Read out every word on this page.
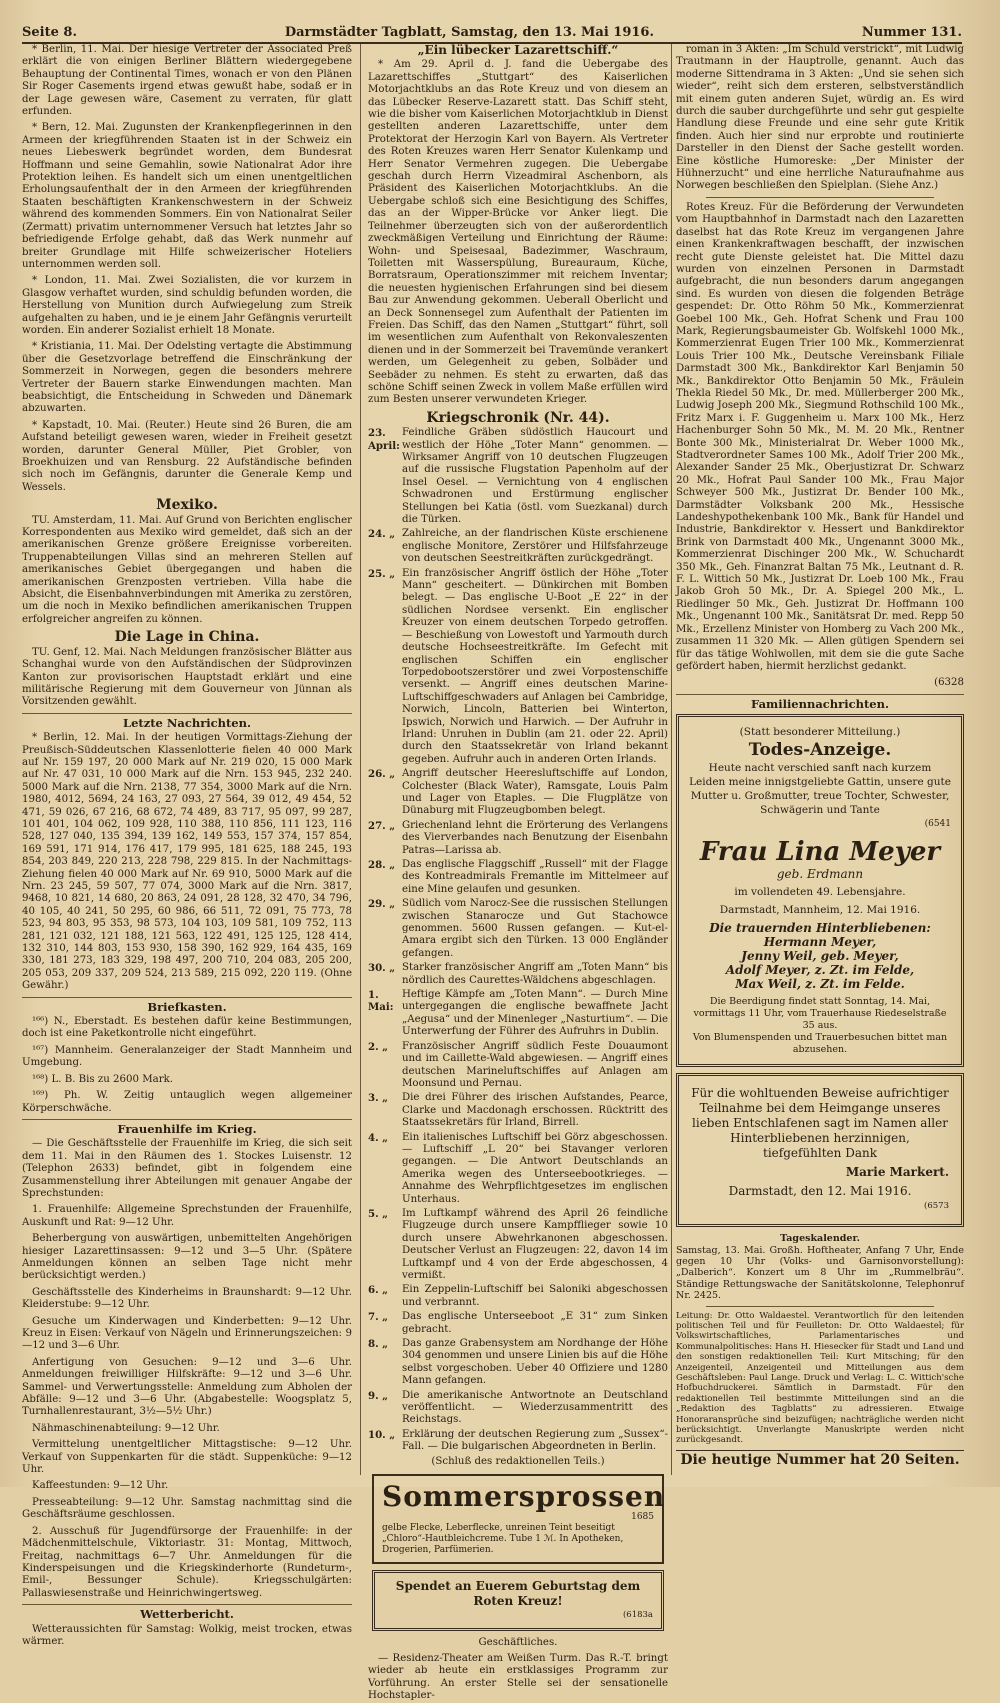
Seite 8.	Darmstädter Tagblatt, Samstag, den 13. Mai 1916.	Nummer 131.

* Berlin, 11. Mai. Der hiesige Vertreter der Associated Preß erklärt die von einigen Berliner Blättern wiedergegebene Behauptung der Continental Times, wonach er von den Plänen Sir Roger Casements irgend etwas gewußt habe, sodaß er in der Lage gewesen wäre, Casement zu verraten, für glatt erfunden.

* Bern, 12. Mai. Zugunsten der Krankenpflegerinnen in den Armeen der kriegführenden Staaten ist in der Schweiz ein neues Liebeswerk begründet worden, dem Bundesrat Hoffmann und seine Gemahlin, sowie Nationalrat Ador ihre Protektion leihen. Es handelt sich um einen unentgeltlichen Erholungsaufenthalt der in den Armeen der kriegführenden Staaten beschäftigten Krankenschwestern in der Schweiz während des kommenden Sommers. Ein von Nationalrat Seiler (Zermatt) privatim unternommener Versuch hat letztes Jahr so befriedigende Erfolge gehabt, daß das Werk nunmehr auf breiter Grundlage mit Hilfe schweizerischer Hoteliers unternommen werden soll.

* London, 11. Mai. Zwei Sozialisten, die vor kurzem in Glasgow verhaftet wurden, sind schuldig befunden worden, die Herstellung von Munition durch Aufwiegelung zum Streik aufgehalten zu haben, und ie je einem Jahr Gefängnis verurteilt worden. Ein anderer Sozialist erhielt 18 Monate.

* Kristiania, 11. Mai. Der Odelsting vertagte die Abstimmung über die Gesetzvorlage betreffend die Einschränkung der Sommerzeit in Norwegen, gegen die besonders mehrere Vertreter der Bauern starke Einwendungen machten. Man beabsichtigt, die Entscheidung in Schweden und Dänemark abzuwarten.

* Kapstadt, 10. Mai. (Reuter.) Heute sind 26 Buren, die am Aufstand beteiligt gewesen waren, wieder in Freiheit gesetzt worden, darunter General Müller, Piet Grobler, von Broekhuizen und van Rensburg. 22 Aufständische befinden sich noch im Gefängnis, darunter die Generale Kemp und Wessels.

Mexiko.

TU. Amsterdam, 11. Mai. Auf Grund von Berichten englischer Korrespondenten aus Mexiko wird gemeldet, daß sich an der amerikanischen Grenze größere Ereignisse vorbereiten. Truppenabteilungen Villas sind an mehreren Stellen auf amerikanisches Gebiet übergegangen und haben die amerikanischen Grenzposten vertrieben. Villa habe die Absicht, die Eisenbahnverbindungen mit Amerika zu zerstören, um die noch in Mexiko befindlichen amerikanischen Truppen erfolgreicher angreifen zu können.

Die Lage in China.

TU. Genf, 12. Mai. Nach Meldungen französischer Blätter aus Schanghai wurde von den Aufständischen der Südprovinzen Kanton zur provisorischen Hauptstadt erklärt und eine militärische Regierung mit dem Gouverneur von Jünnan als Vorsitzenden gewählt.

Letzte Nachrichten.

* Berlin, 12. Mai. In der heutigen Vormittags-Ziehung der Preußisch-Süddeutschen Klassenlotterie fielen 40 000 Mark auf Nr. 159 197, 20 000 Mark auf Nr. 219 020, 15 000 Mark auf Nr. 47 031, 10 000 Mark auf die Nrn. 153 945, 232 240. 5000 Mark auf die Nrn. 2138, 77 354, 3000 Mark auf die Nrn. 1980, 4012, 5694, 24 163, 27 093, 27 564, 39 012, 49 454, 52 471, 59 026, 67 216, 68 672, 74 489, 83 717, 95 097, 99 287, 101 401, 104 062, 109 928, 110 388, 110 856, 111 123, 116 528, 127 040, 135 394, 139 162, 149 553, 157 374, 157 854, 169 591, 171 914, 176 417, 179 995, 181 625, 188 245, 193 854, 203 849, 220 213, 228 798, 229 815. In der Nachmittags-Ziehung fielen 40 000 Mark auf Nr. 69 910, 5000 Mark auf die Nrn. 23 245, 59 507, 77 074, 3000 Mark auf die Nrn. 3817, 9468, 10 821, 14 680, 20 863, 24 091, 28 128, 32 470, 34 796, 40 105, 40 241, 50 295, 60 986, 66 511, 72 091, 75 773, 78 523, 94 803, 95 353, 98 573, 104 103, 109 581, 109 752, 113 281, 121 032, 121 188, 121 563, 122 491, 125 125, 128 414, 132 310, 144 803, 153 930, 158 390, 162 929, 164 435, 169 330, 181 273, 183 329, 198 497, 200 710, 204 083, 205 200, 205 053, 209 337, 209 524, 213 589, 215 092, 220 119. (Ohne Gewähr.)

Briefkasten.

¹⁶⁶) N., Eberstadt. Es bestehen dafür keine Bestimmungen, doch ist eine Paketkontrolle nicht eingeführt.

¹⁶⁷) Mannheim. Generalanzeiger der Stadt Mannheim und Umgebung.

¹⁶⁸) L. B. Bis zu 2600 Mark.

¹⁶⁹) Ph. W. Zeitig untauglich wegen allgemeiner Körperschwäche.

Frauenhilfe im Krieg.

— Die Geschäftsstelle der Frauenhilfe im Krieg, die sich seit dem 11. Mai in den Räumen des 1. Stockes Luisenstr. 12 (Telephon 2633) befindet, gibt in folgendem eine Zusammenstellung ihrer Abteilungen mit genauer Angabe der Sprechstunden:

1. Frauenhilfe: Allgemeine Sprechstunden der Frauenhilfe, Auskunft und Rat: 9—12 Uhr.

Beherbergung von auswärtigen, unbemittelten Angehörigen hiesiger Lazarettinsassen: 9—12 und 3—5 Uhr. (Spätere Anmeldungen können an selben Tage nicht mehr berücksichtigt werden.)

Geschäftsstelle des Kinderheims in Braunshardt: 9—12 Uhr. Kleiderstube: 9—12 Uhr.

Gesuche um Kinderwagen und Kinderbetten: 9—12 Uhr. Kreuz in Eisen: Verkauf von Nägeln und Erinnerungszeichen: 9—12 und 3—6 Uhr.

Anfertigung von Gesuchen: 9—12 und 3—6 Uhr. Anmeldungen freiwilliger Hilfskräfte: 9—12 und 3—6 Uhr. Sammel- und Verwertungsstelle: Anmeldung zum Abholen der Abfälle: 9—12 und 3—6 Uhr. (Abgabestelle: Woogsplatz 5, Turnhallenrestaurant, 3½—5½ Uhr.)

Nähmaschinenabteilung: 9—12 Uhr.

Vermittelung unentgeltlicher Mittagstische: 9—12 Uhr. Verkauf von Suppenkarten für die städt. Suppenküche: 9—12 Uhr.

Kaffeestunden: 9—12 Uhr.

Presseabteilung: 9—12 Uhr. Samstag nachmittag sind die Geschäftsräume geschlossen.

2. Ausschuß für Jugendfürsorge der Frauenhilfe: in der Mädchenmittelschule, Viktoriastr. 31: Montag, Mittwoch, Freitag, nachmittags 6—7 Uhr. Anmeldungen für die Kinderspeisungen und die Kriegskinderhorte (Rundeturm-, Emil-, Bessunger Schule). Kriegsschulgärten: Pallaswiesenstraße und Heinrichwingertsweg.

Wetterbericht.

Wetteraussichten für Samstag: Wolkig, meist trocken, etwas wärmer.

„Ein lübecker Lazarettschiff.“

* Am 29. April d. J. fand die Uebergabe des Lazarettschiffes „Stuttgart“ des Kaiserlichen Motorjachtklubs an das Rote Kreuz und von diesem an das Lübecker Reserve-Lazarett statt. Das Schiff steht, wie die bisher vom Kaiserlichen Motorjachtklub in Dienst gestellten anderen Lazarettschiffe, unter dem Protektorat der Herzogin Karl von Bayern. Als Vertreter des Roten Kreuzes waren Herr Senator Kulenkamp und Herr Senator Vermehren zugegen. Die Uebergabe geschah durch Herrn Vizeadmiral Aschenborn, als Präsident des Kaiserlichen Motorjachtklubs. An die Uebergabe schloß sich eine Besichtigung des Schiffes, das an der Wipper-Brücke vor Anker liegt. Die Teilnehmer überzeugten sich von der außerordentlich zweckmäßigen Verteilung und Einrichtung der Räume: Wohn- und Speisesaal, Badezimmer, Waschraum, Toiletten mit Wasserspülung, Bureauraum, Küche, Borratsraum, Operationszimmer mit reichem Inventar; die neuesten hygienischen Erfahrungen sind bei diesem Bau zur Anwendung gekommen. Ueberall Oberlicht und an Deck Sonnensegel zum Aufenthalt der Patienten im Freien. Das Schiff, das den Namen „Stuttgart“ führt, soll im wesentlichen zum Aufenthalt von Rekonvaleszenten dienen und in der Sommerzeit bei Travemünde verankert werden, um Gelegenheit zu geben, Solbäder und Seebäder zu nehmen. Es steht zu erwarten, daß das schöne Schiff seinen Zweck in vollem Maße erfüllen wird zum Besten unserer verwundeten Krieger.

Kriegschronik (Nr. 44).
23. April:
Feindliche Gräben südöstlich Haucourt und westlich der Höhe „Toter Mann“ genommen. — Wirksamer Angriff von 10 deutschen Flugzeugen auf die russische Flugstation Papenholm auf der Insel Oesel. — Vernichtung von 4 englischen Schwadronen und Erstürmung englischer Stellungen bei Katia (östl. vom Suezkanal) durch die Türken.
24. „ Zahlreiche, an der flandrischen Küste erschienene englische Monitore, Zerstörer und Hilfsfahrzeuge von deutschen Seestreitkräften zurückgedrängt.
25. „ Ein französischer Angriff östlich der Höhe „Toter Mann“ gescheitert. — Dünkirchen mit Bomben belegt. — Das englische U-Boot „E 22“ in der südlichen Nordsee versenkt. Ein englischer Kreuzer von einem deutschen Torpedo getroffen. — Beschießung von Lowestoft und Yarmouth durch deutsche Hochseestreitkräfte. Im Gefecht mit englischen Schiffen ein englischer Torpedobootszerstörer und zwei Vorpostenschiffe versenkt. — Angriff eines deutschen Marine-Luftschiffgeschwaders auf Anlagen bei Cambridge, Norwich, Lincoln, Batterien bei Winterton, Ipswich, Norwich und Harwich. — Der Aufruhr in Irland: Unruhen in Dublin (am 21. oder 22. April) durch den Staatssekretär von Irland bekannt gegeben. Aufruhr auch in anderen Orten Irlands.
26. „ Angriff deutscher Heeresluftschiffe auf London, Colchester (Black Water), Ramsgate, Louis Palm und Lager von Etaples. — Die Flugplätze von Dünaburg mit Flugzeugbomben belegt.
27. „ Griechenland lehnt die Erörterung des Verlangens des Vierverbandes nach Benutzung der Eisenbahn Patras—Larissa ab.
28. „ Das englische Flaggschiff „Russell“ mit der Flagge des Kontreadmirals Fremantle im Mittelmeer auf eine Mine gelaufen und gesunken.
29. „ Südlich vom Narocz-See die russischen Stellungen zwischen Stanarocze und Gut Stachowce genommen. 5600 Russen gefangen. — Kut-el-Amara ergibt sich den Türken. 13 000 Engländer gefangen.
30. „ Starker französischer Angriff am „Toten Mann“ bis nördlich des Caurettes-Wäldchens abgeschlagen.
1. Mai:
Heftige Kämpfe am „Toten Mann“. — Durch Mine untergegangen die englische bewaffnete Jacht „Aegusa“ und der Minenleger „Nasturtium“. — Die Unterwerfung der Führer des Aufruhrs in Dublin.
2. „	Französischer Angriff südlich Feste Douaumont und im Caillette-Wald abgewiesen. — Angriff eines deutschen Marineluftschiffes auf Anlagen am Moonsund und Pernau.
3. „	Die drei Führer des irischen Aufstandes, Pearce, Clarke und Macdonagh erschossen. Rücktritt des Staatssekretärs für Irland, Birrell.
4. „	Ein italienisches Luftschiff bei Görz abgeschossen. — Luftschiff „L 20“ bei Stavanger verloren gegangen. — Die Antwort Deutschlands an Amerika wegen des Unterseebootkrieges. — Annahme des Wehrpflichtgesetzes im englischen Unterhaus.
5. „	Im Luftkampf während des April 26 feindliche Flugzeuge durch unsere Kampfflieger sowie 10 durch unsere Abwehrkanonen abgeschossen. Deutscher Verlust an Flugzeugen: 22, davon 14 im Luftkampf und 4 von der Erde abgeschossen, 4 vermißt.
6. „	Ein Zeppelin-Luftschiff bei Saloniki abgeschossen und verbrannt.
7. „	Das englische Unterseeboot „E 31“ zum Sinken gebracht.
8. „	Das ganze Grabensystem am Nordhange der Höhe 304 genommen und unsere Linien bis auf die Höhe selbst vorgeschoben. Ueber 40 Offiziere und 1280 Mann gefangen.
9. „	Die amerikanische Antwortnote an Deutschland veröffentlicht. — Wiederzusammentritt des Reichstags.
10. „ Erklärung der deutschen Regierung zum „Sussex“-Fall. — Die bulgarischen Abgeordneten in Berlin.

(Schluß des redaktionellen Teils.)

Sommersprossen
1685
gelbe Flecke, Leberflecke, unreinen Teint beseitigt „Chloro“-Hautbleichcreme. Tube 1 ℳ. In Apotheken, Drogerien, Parfümerien.
Spendet an Euerem Geburtstag dem Roten Kreuz!
(6183a

Geschäftliches.

— Residenz-Theater am Weißen Turm. Das R.-T. bringt wieder ab heute ein erstklassiges Programm zur Vorführung. An erster Stelle sei der sensationelle Hochstapler-

roman in 3 Akten: „Im Schuld verstrickt“, mit Ludwig Trautmann in der Hauptrolle, genannt. Auch das moderne Sittendrama in 3 Akten: „Und sie sehen sich wieder“, reiht sich dem ersteren, selbstverständlich mit einem guten anderen Sujet, würdig an. Es wird durch die sauber durchgeführte und sehr gut gespielte Handlung diese Freunde und eine sehr gute Kritik finden. Auch hier sind nur erprobte und routinierte Darsteller in den Dienst der Sache gestellt worden. Eine köstliche Humoreske: „Der Minister der Hühnerzucht“ und eine herrliche Naturaufnahme aus Norwegen beschließen den Spielplan. (Siehe Anz.)

Rotes Kreuz. Für die Beförderung der Verwundeten vom Hauptbahnhof in Darmstadt nach den Lazaretten daselbst hat das Rote Kreuz im vergangenen Jahre einen Krankenkraftwagen beschafft, der inzwischen recht gute Dienste geleistet hat. Die Mittel dazu wurden von einzelnen Personen in Darmstadt aufgebracht, die nun besonders darum angegangen sind. Es wurden von diesen die folgenden Beträge gespendet: Dr. Otto Röhm 50 Mk., Kommerzienrat Goebel 100 Mk., Geh. Hofrat Schenk und Frau 100 Mark, Regierungsbaumeister Gb. Wolfskehl 1000 Mk., Kommerzienrat Eugen Trier 100 Mk., Kommerzienrat Louis Trier 100 Mk., Deutsche Vereinsbank Filiale Darmstadt 300 Mk., Bankdirektor Karl Benjamin 50 Mk., Bankdirektor Otto Benjamin 50 Mk., Fräulein Thekla Riedel 50 Mk., Dr. med. Müllerberger 200 Mk., Ludwig Joseph 200 Mk., Siegmund Rothschild 100 Mk., Fritz Marx i. F. Guggenheim u. Marx 100 Mk., Herz Hachenburger Sohn 50 Mk., M. M. 20 Mk., Rentner Bonte 300 Mk., Ministerialrat Dr. Weber 1000 Mk., Stadtverordneter Sames 100 Mk., Adolf Trier 200 Mk., Alexander Sander 25 Mk., Oberjustizrat Dr. Schwarz 20 Mk., Hofrat Paul Sander 100 Mk., Frau Major Schweyer 500 Mk., Justizrat Dr. Bender 100 Mk., Darmstädter Volksbank 200 Mk., Hessische Landeshypothekenbank 100 Mk., Bank für Handel und Industrie, Bankdirektor v. Hessert und Bankdirektor Brink von Darmstadt 400 Mk., Ungenannt 3000 Mk., Kommerzienrat Dischinger 200 Mk., W. Schuchardt 350 Mk., Geh. Finanzrat Baltan 75 Mk., Leutnant d. R. F. L. Wittich 50 Mk., Justizrat Dr. Loeb 100 Mk., Frau Jakob Groh 50 Mk., Dr. A. Spiegel 200 Mk., L. Riedlinger 50 Mk., Geh. Justizrat Dr. Hoffmann 100 Mk., Ungenannt 100 Mk., Sanitätsrat Dr. med. Repp 50 Mk., Erzellenz Minister von Homberg zu Vach 200 Mk., zusammen 11 320 Mk. — Allen gütigen Spendern sei für das tätige Wohlwollen, mit dem sie die gute Sache gefördert haben, hiermit herzlichst gedankt.

(6328

Familiennachrichten.
(Statt besonderer Mitteilung.)
Todes-Anzeige.
Heute nacht verschied sanft nach kurzem Leiden meine innigstgeliebte Gattin, unsere gute Mutter u. Großmutter, treue Tochter, Schwester, Schwägerin und Tante
(6541
Frau Lina Meyer
geb. Erdmann
im vollendeten 49. Lebensjahre.
Darmstadt, Mannheim, 12. Mai 1916.
Die trauernden Hinterbliebenen:
Hermann Meyer,
Jenny Weil, geb. Meyer,
Adolf Meyer, z. Zt. im Felde,
Max Weil, z. Zt. im Felde.
Die Beerdigung findet statt Sonntag, 14. Mai, vormittags 11 Uhr, vom Trauerhause Riedeselstraße 35 aus.
Von Blumenspenden und Trauerbesuchen bittet man abzusehen.
Für die wohltuenden Beweise aufrichtiger Teilnahme bei dem Heimgange unseres lieben Entschlafenen sagt im Namen aller Hinterbliebenen herzinnigen, tiefgefühlten Dank
Marie Markert.
Darmstadt, den 12. Mai 1916.
(6573
Tageskalender.
Samstag, 13. Mai. Großh. Hoftheater, Anfang 7 Uhr, Ende gegen 10 Uhr (Volks- und Garnisonvorstellung): „Dalberich“. Konzert um 8 Uhr im „Rummelbräu“. Ständige Rettungswache der Sanitätskolonne, Telephonruf Nr. 2425.
Leitung: Dr. Otto Waldaestel. Verantwortlich für den leitenden politischen Teil und für Feuilleton: Dr. Otto Waldaestel; für Volkswirtschaftliches, Parlamentarisches und Kommunalpolitisches: Hans H. Hiesecker für Stadt und Land und den sonstigen redaktionellen Teil: Kurt Mitsching; für den Anzeigenteil, Anzeigenteil und Mitteilungen aus dem Geschäftsleben: Paul Lange. Druck und Verlag: L. C. Wittich'sche Hofbuchdruckerei. Sämtlich in Darmstadt. Für den redaktionellen Teil bestimmte Mitteilungen sind an die „Redaktion des Tagblatts“ zu adressieren. Etwaige Honoraransprüche sind beizufügen; nachträgliche werden nicht berücksichtigt. Unverlangte Manuskripte werden nicht zurückgesandt.
Die heutige Nummer hat 20 Seiten.
